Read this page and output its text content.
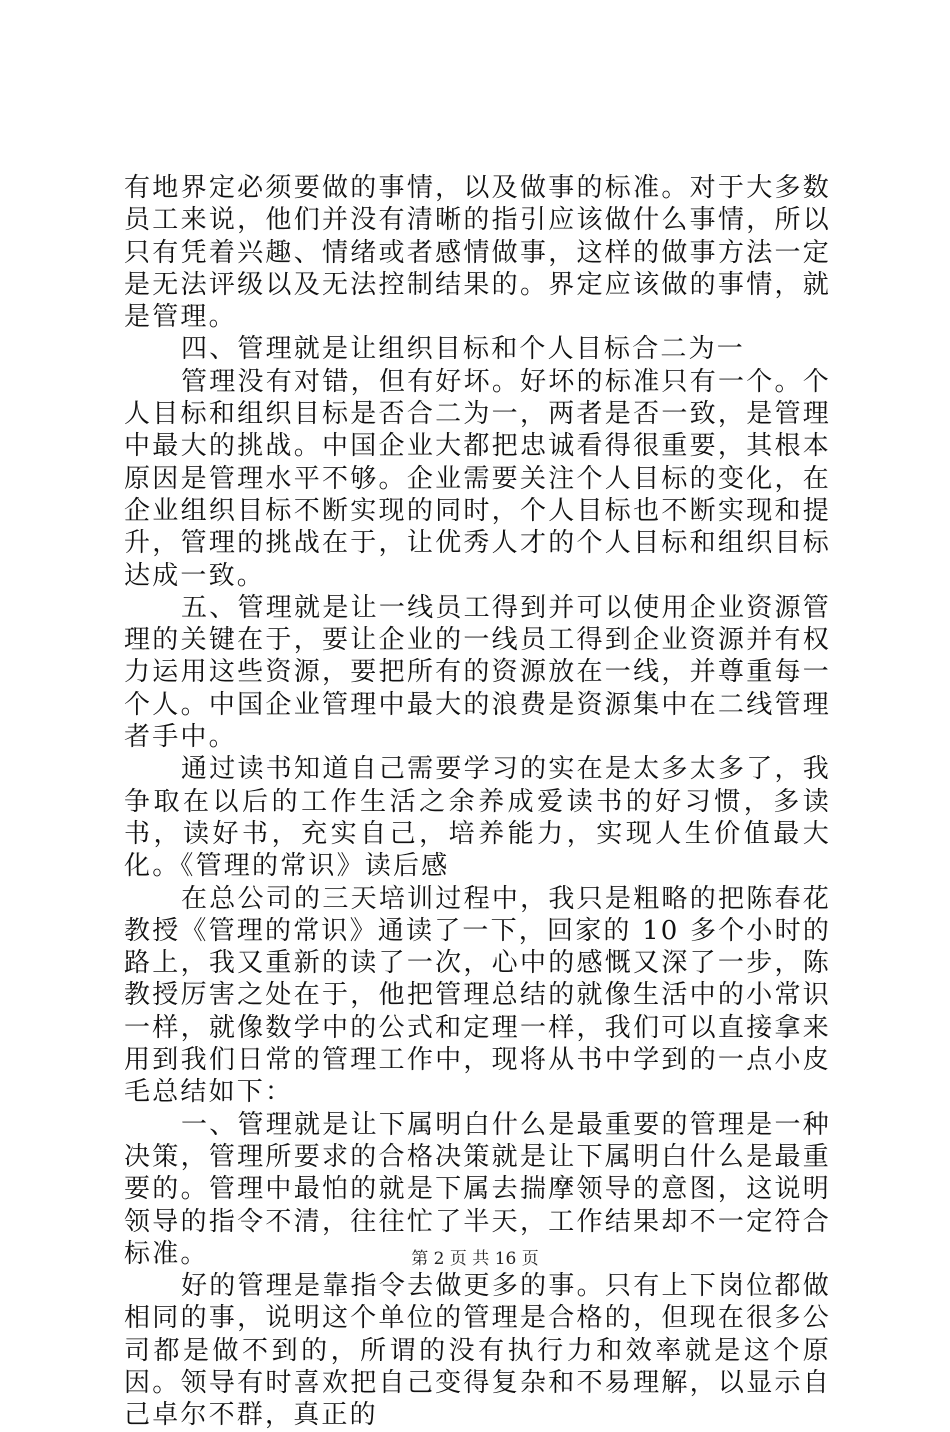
有地界定必须要做的事情，以及做事的标准。对于大多数员工来说，他们并没有清晰的指引应该做什么事情，所以只有凭着兴趣、情绪或者感情做事，这样的做事方法一定是无法评级以及无法控制结果的。界定应该做的事情，就是管理。

四、管理就是让组织目标和个人目标合二为一

管理没有对错，但有好坏。好坏的标准只有一个。个人目标和组织目标是否合二为一，两者是否一致，是管理中最大的挑战。中国企业大都把忠诚看得很重要，其根本原因是管理水平不够。企业需要关注个人目标的变化，在企业组织目标不断实现的同时，个人目标也不断实现和提升，管理的挑战在于，让优秀人才的个人目标和组织目标达成一致。

五、管理就是让一线员工得到并可以使用企业资源管理的关键在于，要让企业的一线员工得到企业资源并有权力运用这些资源，要把所有的资源放在一线，并尊重每一个人。中国企业管理中最大的浪费是资源集中在二线管理者手中。

通过读书知道自己需要学习的实在是太多太多了，我争取在以后的工作生活之余养成爱读书的好习惯，多读书，读好书，充实自己，培养能力，实现人生价值最大化。《管理的常识》读后感

在总公司的三天培训过程中，我只是粗略的把陈春花教授《管理的常识》通读了一下，回家的 10 多个小时的路上，我又重新的读了一次，心中的感慨又深了一步，陈教授厉害之处在于，他把管理总结的就像生活中的小常识一样，就像数学中的公式和定理一样，我们可以直接拿来用到我们日常的管理工作中，现将从书中学到的一点小皮毛总结如下：

一、管理就是让下属明白什么是最重要的管理是一种决策，管理所要求的合格决策就是让下属明白什么是最重要的。管理中最怕的就是下属去揣摩领导的意图，这说明领导的指令不清，往往忙了半天，工作结果却不一定符合标准。

好的管理是靠指令去做更多的事。只有上下岗位都做相同的事，说明这个单位的管理是合格的，但现在很多公司都是做不到的，所谓的没有执行力和效率就是这个原因。领导有时喜欢把自己变得复杂和不易理解，以显示自己卓尔不群，真正的

第 2 页 共 16 页
